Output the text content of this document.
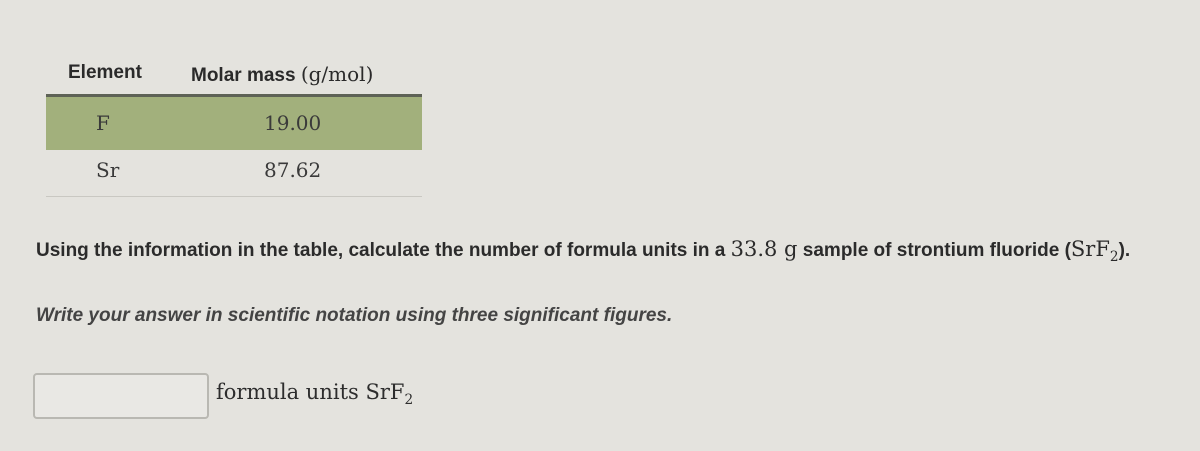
Element	Molar mass (g/mol)
F	19.00
Sr	87.62
Using the information in the table, calculate the number of formula units in a 33.8 g sample of strontium fluoride (SrF$_2$).
Write your answer in scientific notation using three significant figures.
formula units SrF$_2$
